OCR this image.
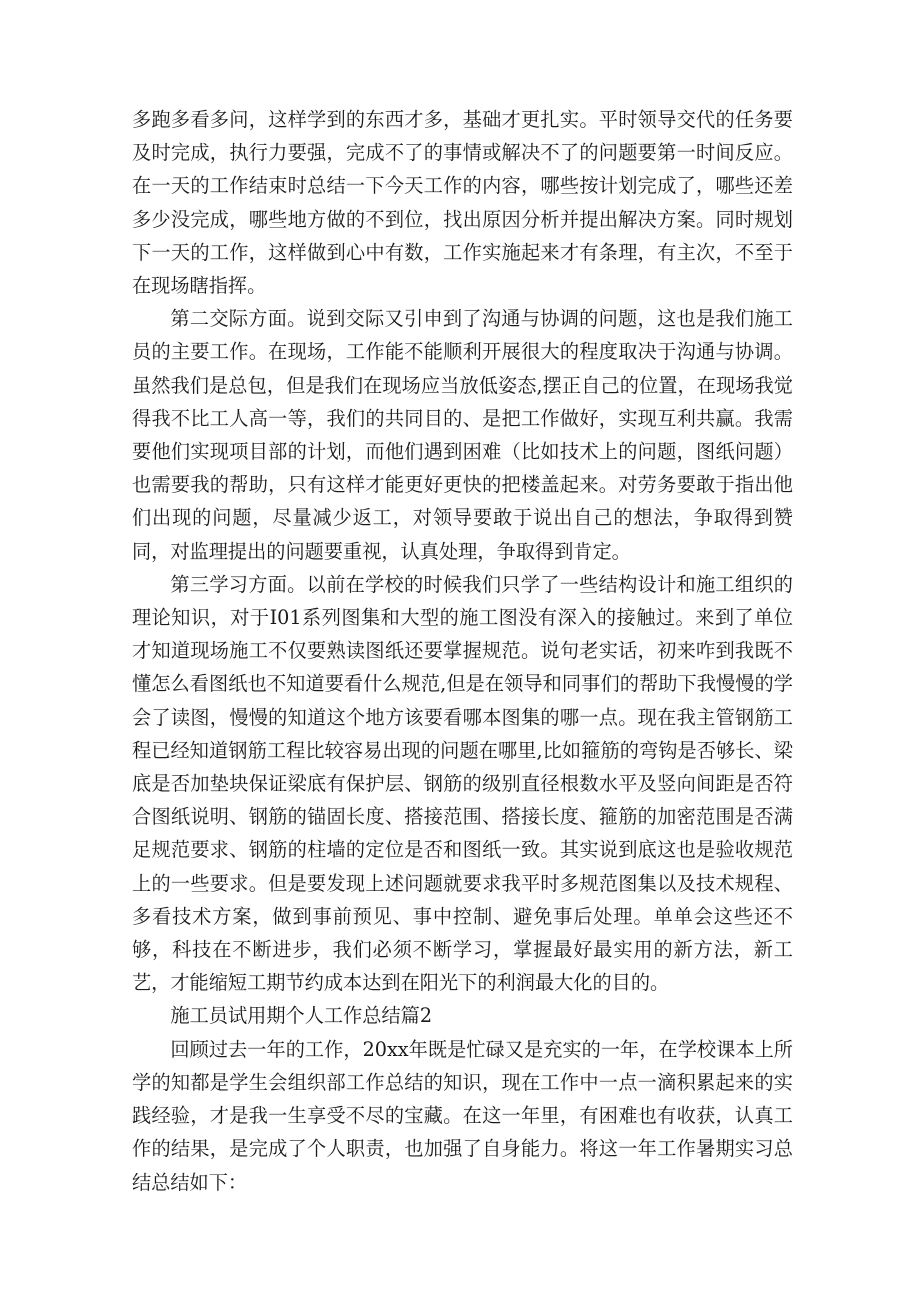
多跑多看多问，这样学到的东西才多，基础才更扎实。平时领导交代的任务要及时完成，执行力要强，完成不了的事情或解决不了的问题要第一时间反应。在一天的工作结束时总结一下今天工作的内容，哪些按计划完成了，哪些还差多少没完成，哪些地方做的不到位，找出原因分析并提出解决方案。同时规划下一天的工作，这样做到心中有数，工作实施起来才有条理，有主次，不至于在现场瞎指挥。

第二交际方面。说到交际又引申到了沟通与协调的问题，这也是我们施工员的主要工作。在现场，工作能不能顺利开展很大的程度取决于沟通与协调。虽然我们是总包，但是我们在现场应当放低姿态,摆正自己的位置，在现场我觉得我不比工人高一等，我们的共同目的、是把工作做好，实现互利共赢。我需要他们实现项目部的计划，而他们遇到困难（比如技术上的问题，图纸问题）也需要我的帮助，只有这样才能更好更快的把楼盖起来。对劳务要敢于指出他们出现的问题，尽量减少返工，对领导要敢于说出自己的想法，争取得到赞同，对监理提出的问题要重视，认真处理，争取得到肯定。

第三学习方面。以前在学校的时候我们只学了一些结构设计和施工组织的理论知识，对于I01系列图集和大型的施工图没有深入的接触过。来到了单位才知道现场施工不仅要熟读图纸还要掌握规范。说句老实话，初来咋到我既不懂怎么看图纸也不知道要看什么规范,但是在领导和同事们的帮助下我慢慢的学会了读图，慢慢的知道这个地方该要看哪本图集的哪一点。现在我主管钢筋工程已经知道钢筋工程比较容易出现的问题在哪里,比如箍筋的弯钩是否够长、梁底是否加垫块保证梁底有保护层、钢筋的级别直径根数水平及竖向间距是否符合图纸说明、钢筋的锚固长度、搭接范围、搭接长度、箍筋的加密范围是否满足规范要求、钢筋的柱墙的定位是否和图纸一致。其实说到底这也是验收规范上的一些要求。但是要发现上述问题就要求我平时多规范图集以及技术规程、多看技术方案，做到事前预见、事中控制、避免事后处理。单单会这些还不够，科技在不断进步，我们必须不断学习，掌握最好最实用的新方法，新工艺，才能缩短工期节约成本达到在阳光下的利润最大化的目的。

施工员试用期个人工作总结篇2

回顾过去一年的工作，20xx年既是忙碌又是充实的一年，在学校课本上所学的知都是学生会组织部工作总结的知识，现在工作中一点一滴积累起来的实践经验，才是我一生享受不尽的宝藏。在这一年里，有困难也有收获，认真工作的结果，是完成了个人职责，也加强了自身能力。将这一年工作暑期实习总结总结如下：
